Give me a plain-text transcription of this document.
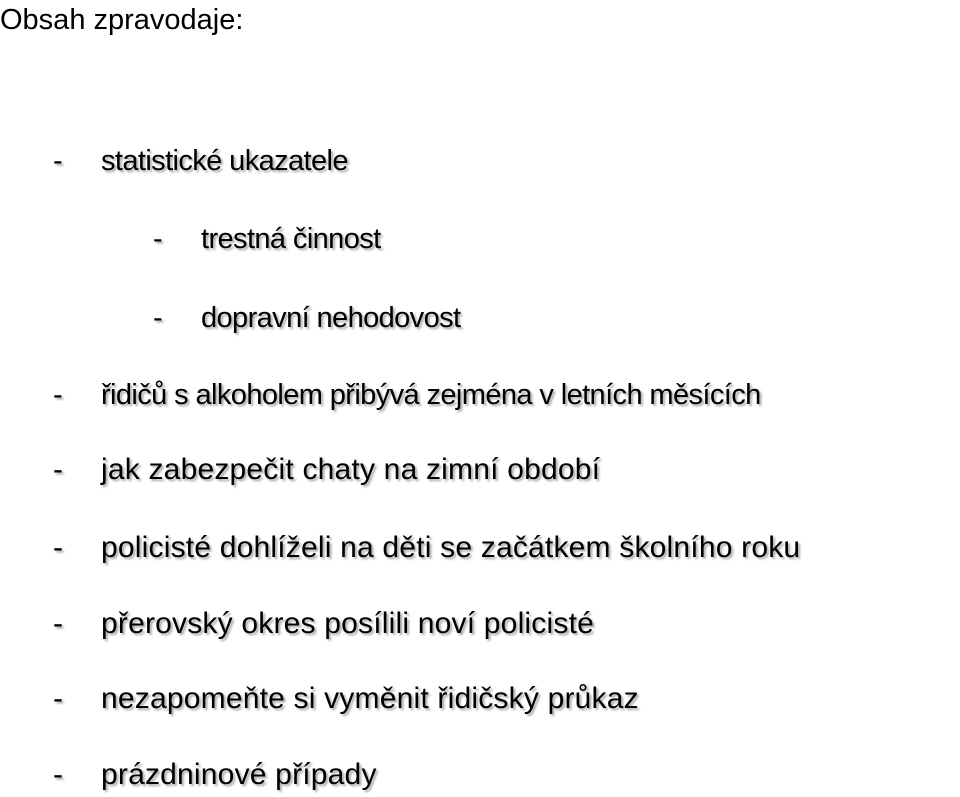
Obsah zpravodaje:
- statistické ukazatele
- trestná činnost
- dopravní nehodovost
- řidičů s alkoholem přibývá zejména v letních měsících
- jak zabezpečit chaty na zimní období
- policisté dohlíželi na děti se začátkem školního roku
- přerovský okres posílili noví policisté
- nezapomeňte si vyměnit řidičský průkaz
- prázdninové případy
